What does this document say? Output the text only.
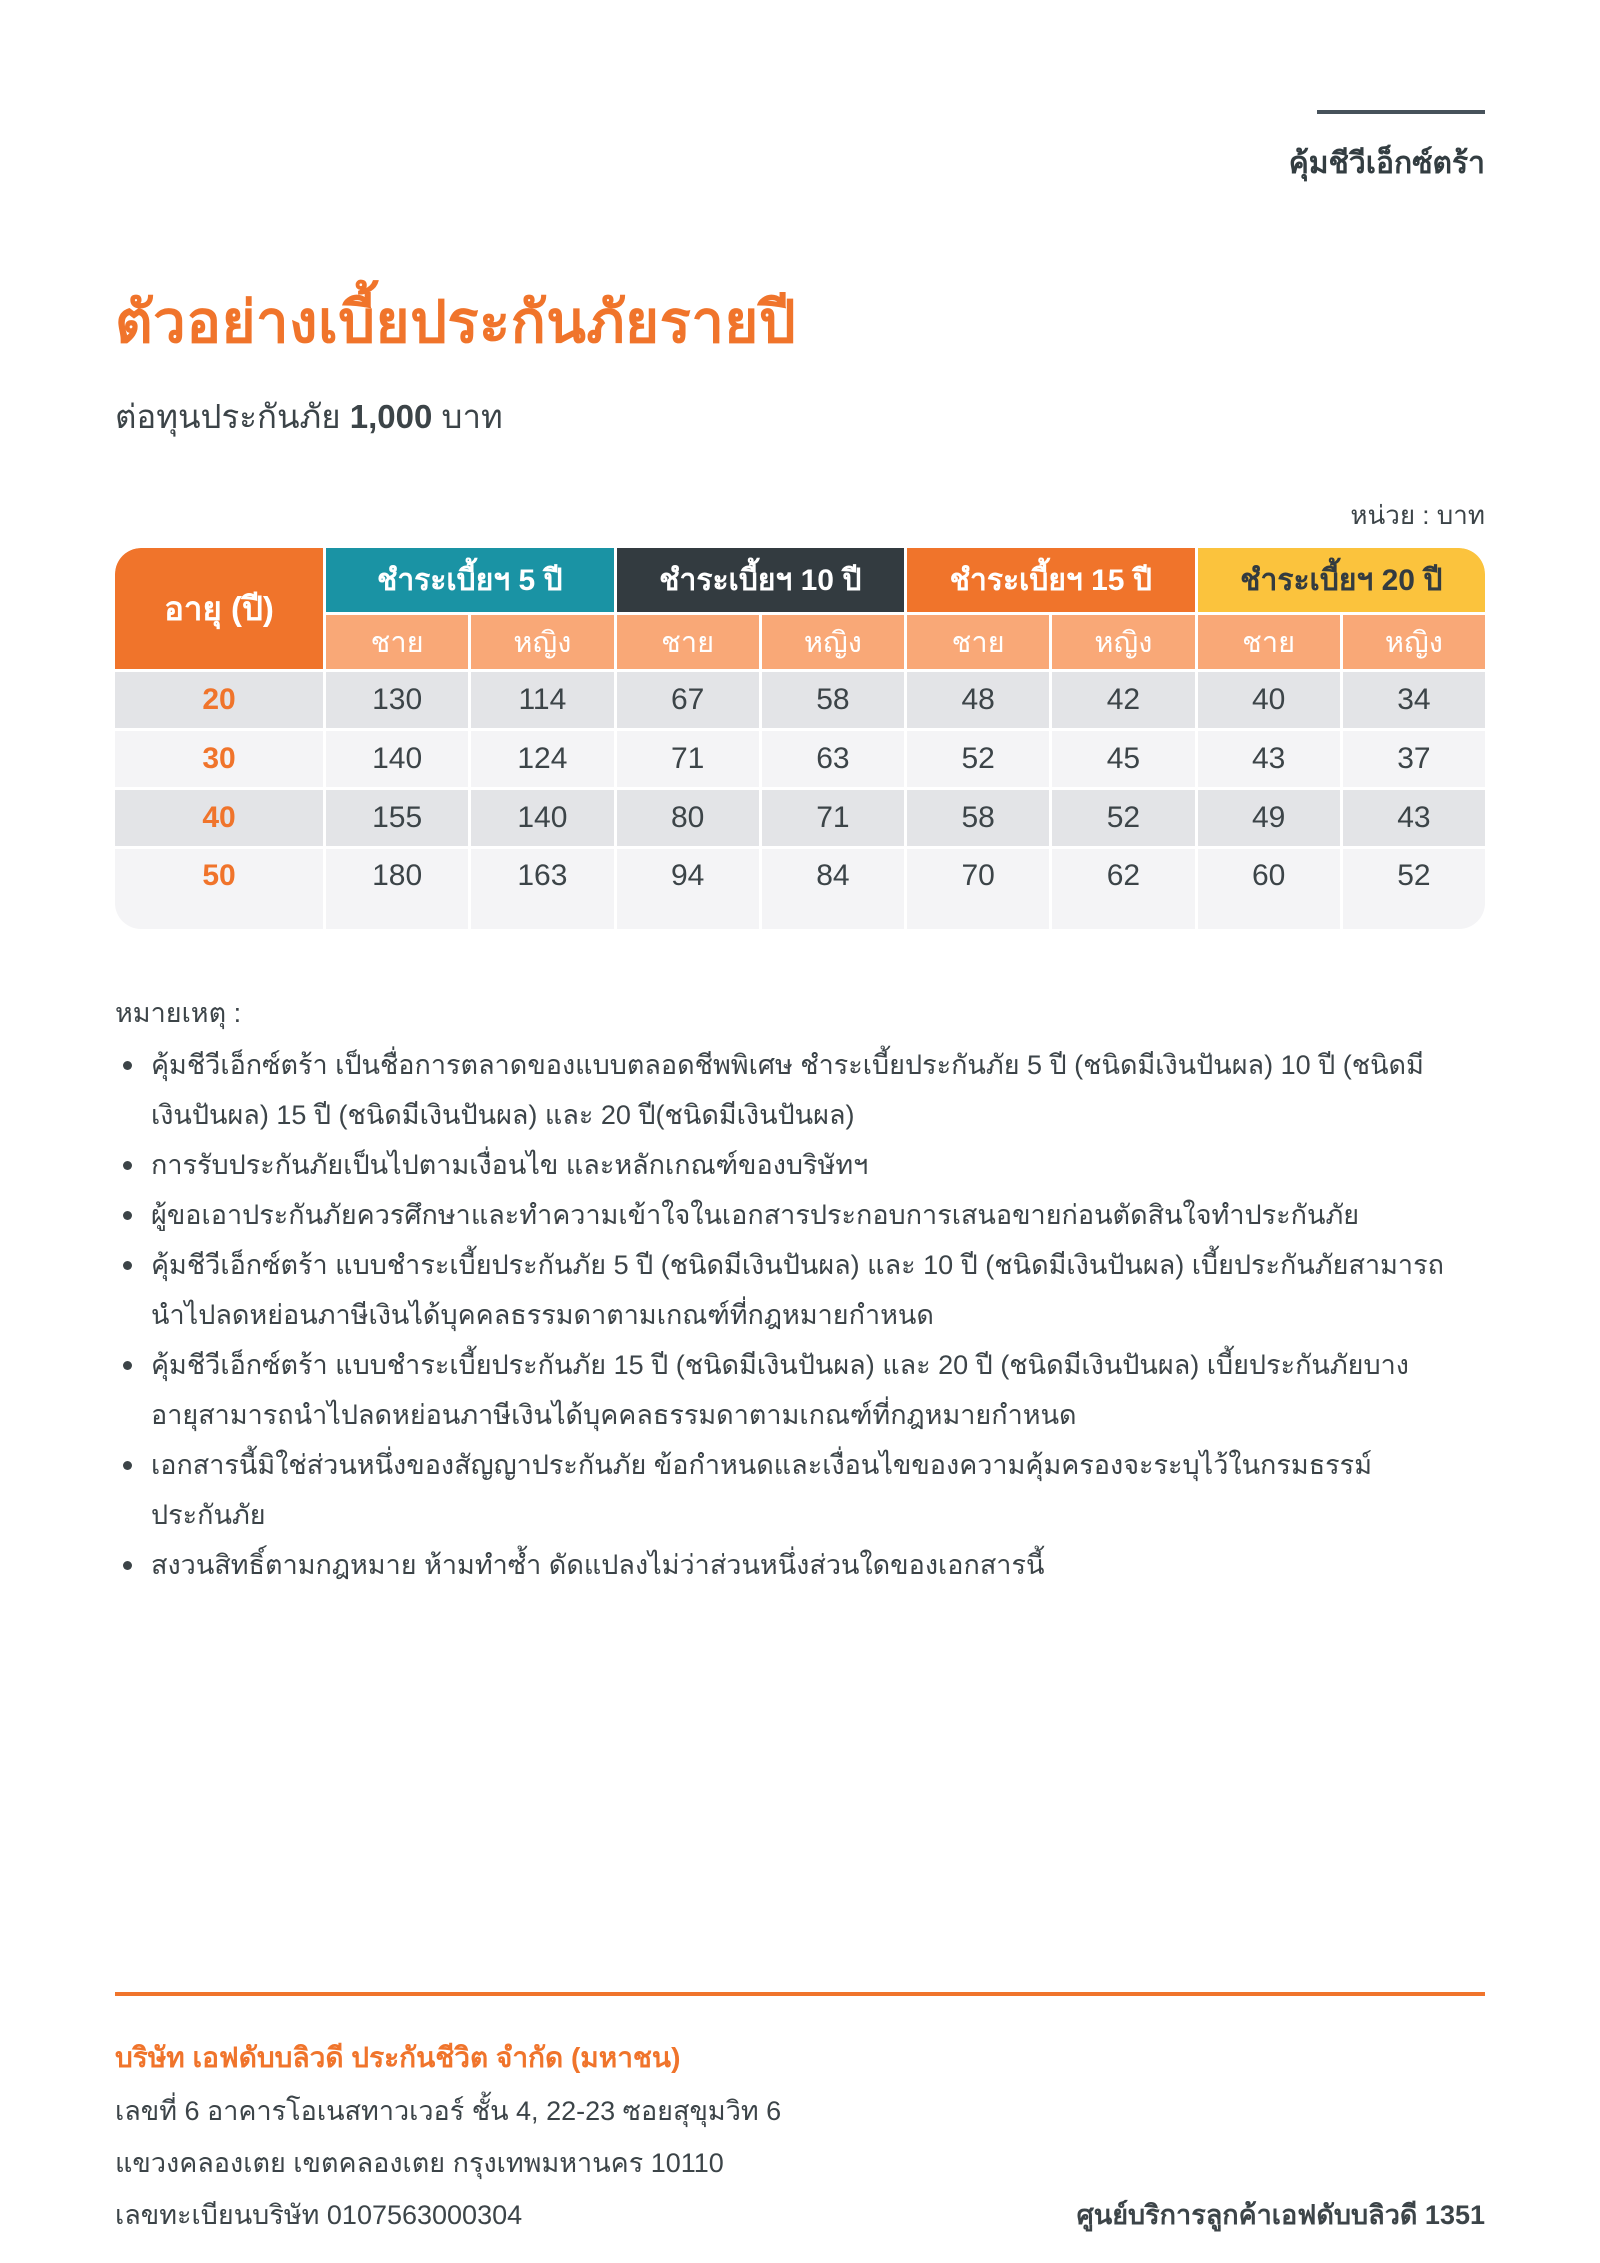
คุ้มชีวีเอ็กซ์ตร้า
ตัวอย่างเบี้ยประกันภัยรายปี
ต่อทุนประกันภัย 1,000 บาท
หน่วย : บาท
อายุ (ปี)	ชำระเบี้ยฯ 5 ปี		ชำระเบี้ยฯ 10 ปี		ชำระเบี้ยฯ 15 ปี		ชำระเบี้ยฯ 20 ปี	
	ชาย	หญิง	ชาย	หญิง	ชาย	หญิง	ชาย	หญิง
20	130	114	67	58	48	42	40	34
30	140	124	71	63	52	45	43	37
40	155	140	80	71	58	52	49	43
50	180	163	94	84	70	62	60	52
หมายเหตุ :
คุ้มชีวีเอ็กซ์ตร้า เป็นชื่อการตลาดของแบบตลอดชีพพิเศษ ชำระเบี้ยประกันภัย 5 ปี (ชนิดมีเงินปันผล) 10 ปี (ชนิดมีเงินปันผล) 15 ปี (ชนิดมีเงินปันผล) และ 20 ปี(ชนิดมีเงินปันผล)
การรับประกันภัยเป็นไปตามเงื่อนไข และหลักเกณฑ์ของบริษัทฯ
ผู้ขอเอาประกันภัยควรศึกษาและทำความเข้าใจในเอกสารประกอบการเสนอขายก่อนตัดสินใจทำประกันภัย
คุ้มชีวีเอ็กซ์ตร้า แบบชำระเบี้ยประกันภัย 5 ปี (ชนิดมีเงินปันผล) และ 10 ปี (ชนิดมีเงินปันผล) เบี้ยประกันภัยสามารถนำไปลดหย่อนภาษีเงินได้บุคคลธรรมดาตามเกณฑ์ที่กฎหมายกำหนด
คุ้มชีวีเอ็กซ์ตร้า แบบชำระเบี้ยประกันภัย 15 ปี (ชนิดมีเงินปันผล) และ 20 ปี (ชนิดมีเงินปันผล) เบี้ยประกันภัยบางอายุสามารถนำไปลดหย่อนภาษีเงินได้บุคคลธรรมดาตามเกณฑ์ที่กฎหมายกำหนด
เอกสารนี้มิใช่ส่วนหนึ่งของสัญญาประกันภัย ข้อกำหนดและเงื่อนไขของความคุ้มครองจะระบุไว้ในกรมธรรม์ประกันภัย
สงวนสิทธิ์ตามกฎหมาย ห้ามทำซ้ำ ดัดแปลงไม่ว่าส่วนหนึ่งส่วนใดของเอกสารนี้
บริษัท เอฟดับบลิวดี ประกันชีวิต จำกัด (มหาชน)
เลขที่ 6 อาคารโอเนสทาวเวอร์ ชั้น 4, 22-23 ซอยสุขุมวิท 6
แขวงคลองเตย เขตคลองเตย กรุงเทพมหานคร 10110
เลขทะเบียนบริษัท 0107563000304	ศูนย์บริการลูกค้าเอฟดับบลิวดี 1351
